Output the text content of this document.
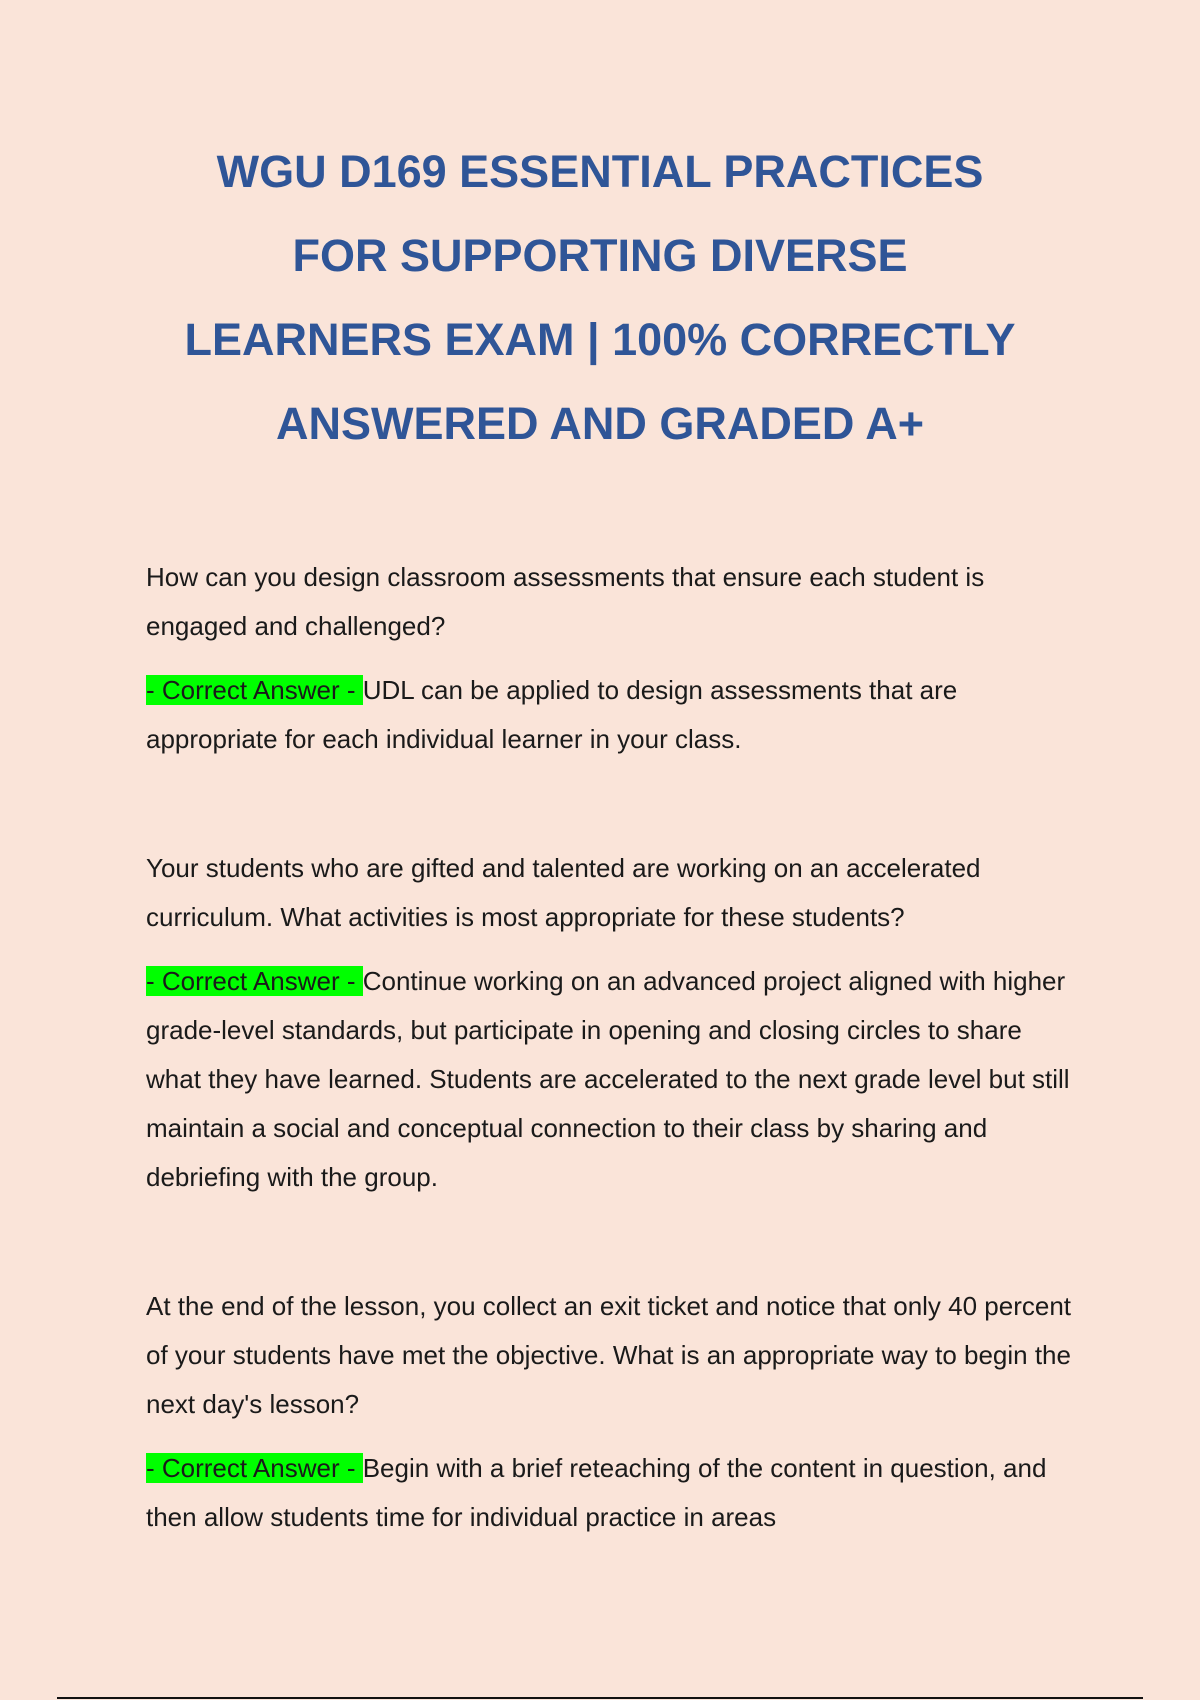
WGU D169 ESSENTIAL PRACTICES
FOR SUPPORTING DIVERSE
LEARNERS EXAM | 100% CORRECTLY
ANSWERED AND GRADED A+

How can you design classroom assessments that ensure each student is engaged and challenged?

- Correct Answer - UDL can be applied to design assessments that are appropriate for each individual learner in your class.

Your students who are gifted and talented are working on an accelerated curriculum. What activities is most appropriate for these students?

- Correct Answer - Continue working on an advanced project aligned with higher grade-level standards, but participate in opening and closing circles to share what they have learned. Students are accelerated to the next grade level but still maintain a social and conceptual connection to their class by sharing and debriefing with the group.

At the end of the lesson, you collect an exit ticket and notice that only 40 percent of your students have met the objective. What is an appropriate way to begin the next day's lesson?

- Correct Answer - Begin with a brief reteaching of the content in question, and then allow students time for individual practice in areas
